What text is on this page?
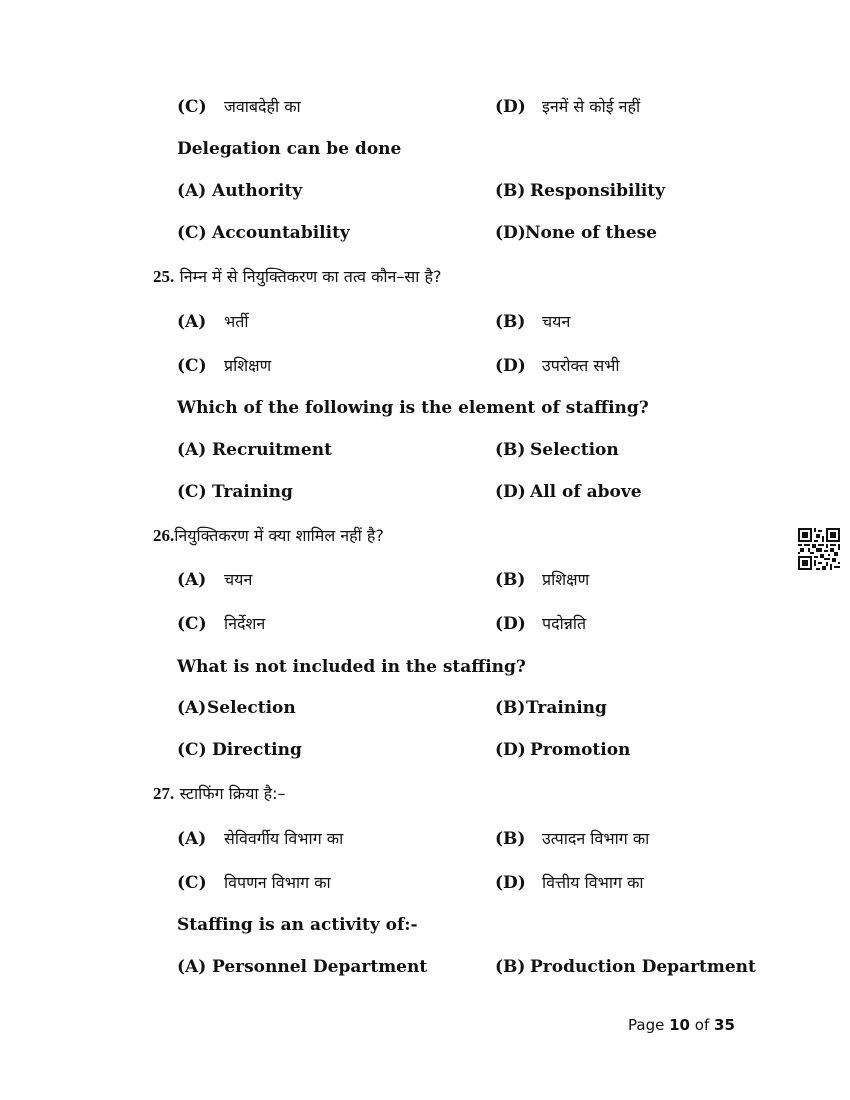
(C) जवाबदेही का	(D) इनमें से कोई नहीं
Delegation can be done
(A) Authority	(B) Responsibility
(C) Accountability	(D)None of these
25. निम्न में से नियुक्तिकरण का तत्व कौन–सा है?
(A) भर्ती	(B) चयन
(C) प्रशिक्षण	(D) उपरोक्त सभी
Which of the following is the element of staffing?
(A) Recruitment	(B) Selection
(C) Training	(D) All of above
26.नियुक्तिकरण में क्या शामिल नहीं है?
(A) चयन	(B) प्रशिक्षण
(C) निर्देशन	(D) पदोन्नति
What is not included in the staffing?
(A)Selection	(B)Training
(C) Directing	(D) Promotion
27. स्टाफिंग क्रिया है:–
(A) सेविवर्गीय विभाग का	(B) उत्पादन विभाग का
(C) विपणन विभाग का	(D) वित्तीय विभाग का
Staffing is an activity of:-
(A) Personnel Department	(B) Production Department
Page 10 of 35
